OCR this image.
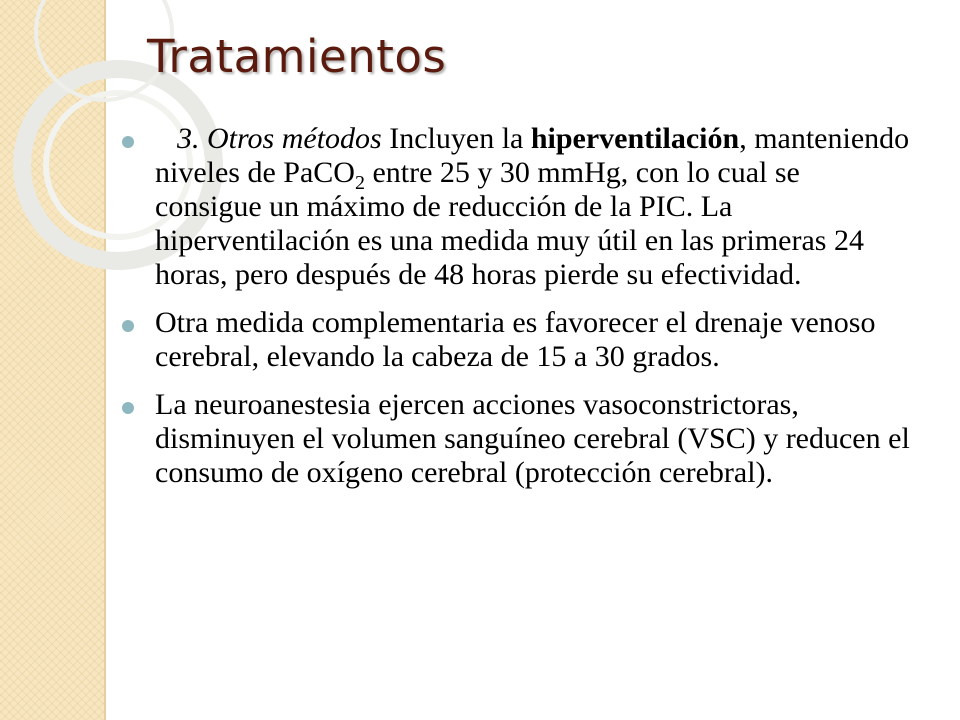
Tratamientos
3. Otros métodos Incluyen la hiperventilación, manteniendo niveles de PaCO$_2$ entre 25 y 30 mmHg, con lo cual se consigue un máximo de reducción de la PIC. La hiperventilación es una medida muy útil en las primeras 24 horas, pero después de 48 horas pierde su efectividad.
Otra medida complementaria es favorecer el drenaje venoso cerebral, elevando la cabeza de 15 a 30 grados.
La neuroanestesia ejercen acciones vasoconstrictoras, disminuyen el volumen sanguíneo cerebral (VSC) y reducen el consumo de oxígeno cerebral (protección cerebral).
